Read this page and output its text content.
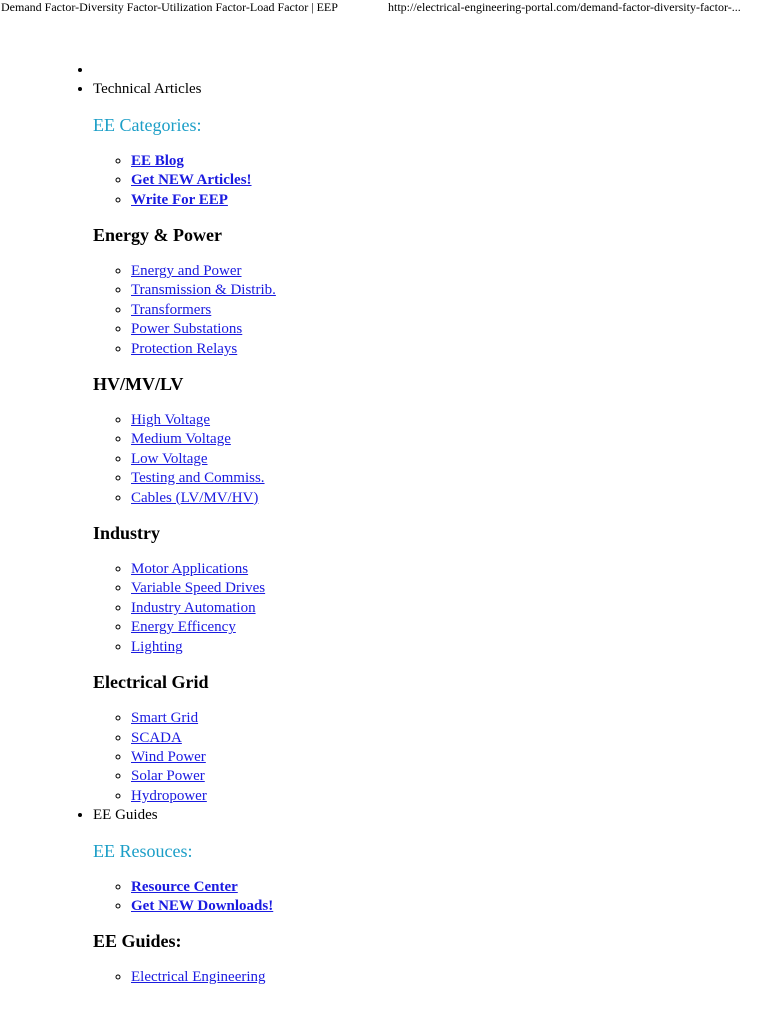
Demand Factor-Diversity Factor-Utilization Factor-Load Factor | EEP	http://electrical-engineering-portal.com/demand-factor-diversity-factor-...
•
• Technical Articles
EE Categories:
◦ EE Blog
◦ Get NEW Articles!
◦ Write For EEP
Energy & Power
◦ Energy and Power
◦ Transmission & Distrib.
◦ Transformers
◦ Power Substations
◦ Protection Relays
HV/MV/LV
◦ High Voltage
◦ Medium Voltage
◦ Low Voltage
◦ Testing and Commiss.
◦ Cables (LV/MV/HV)
Industry
◦ Motor Applications
◦ Variable Speed Drives
◦ Industry Automation
◦ Energy Efficency
◦ Lighting
Electrical Grid
◦ Smart Grid
◦ SCADA
◦ Wind Power
◦ Solar Power
◦ Hydropower
• EE Guides
EE Resouces:
◦ Resource Center
◦ Get NEW Downloads!
EE Guides:
◦ Electrical Engineering
